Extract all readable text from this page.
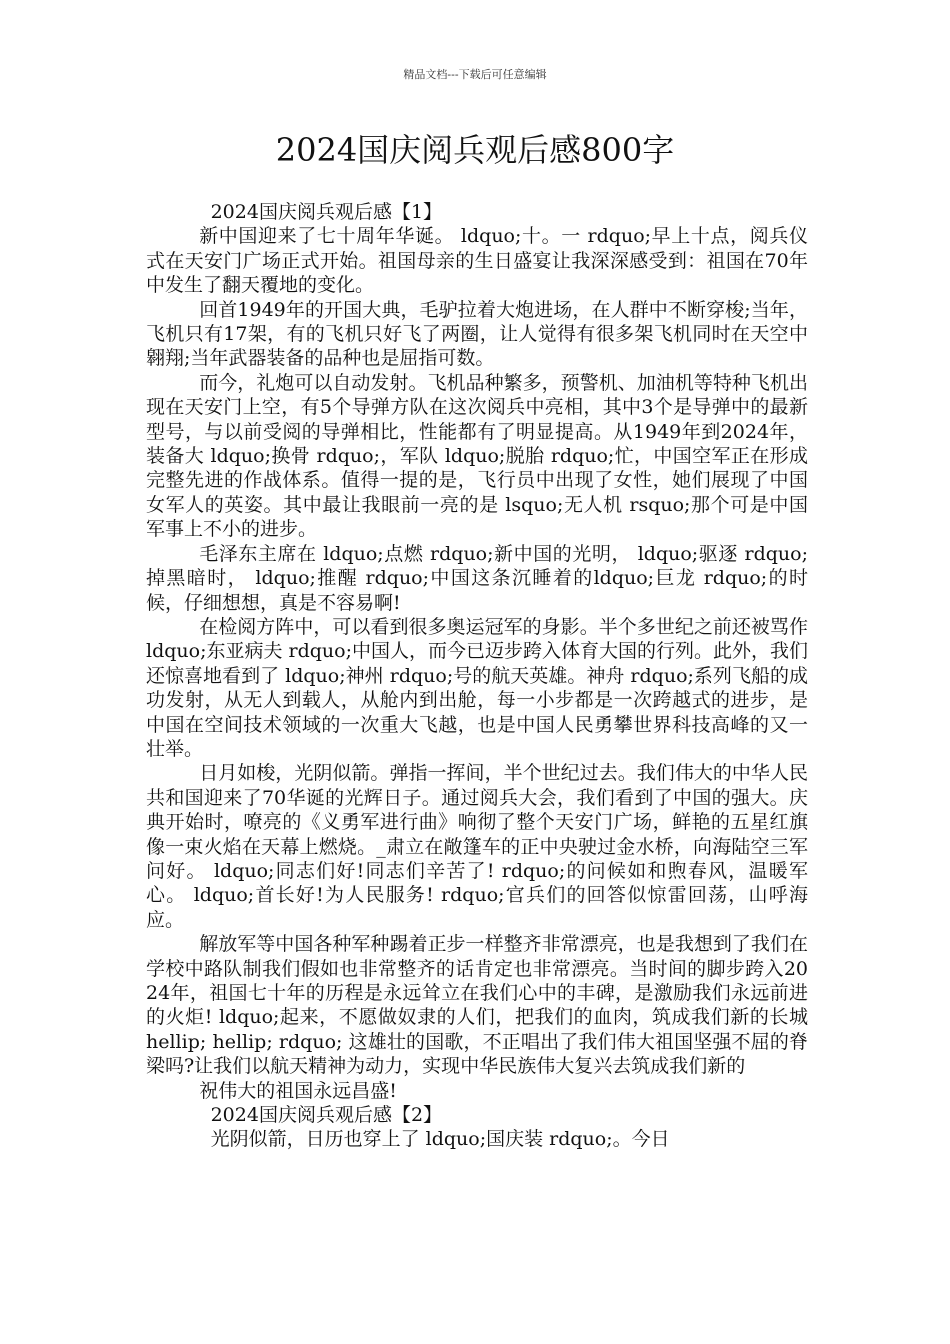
精品文档---下载后可任意编辑
2024国庆阅兵观后感800字

2024国庆阅兵观后感【1】

新中国迎来了七十周年华诞。 ldquo;十。一 rdquo;早上十点，阅兵仪式在天安门广场正式开始。祖国母亲的生日盛宴让我深深感受到：祖国在70年中发生了翻天覆地的变化。

回首1949年的开国大典，毛驴拉着大炮进场，在人群中不断穿梭;当年，飞机只有17架，有的飞机只好飞了两圈，让人觉得有很多架飞机同时在天空中翱翔;当年武器装备的品种也是屈指可数。

而今，礼炮可以自动发射。飞机品种繁多，预警机、加油机等特种飞机出现在天安门上空，有5个导弹方队在这次阅兵中亮相，其中3个是导弹中的最新型号，与以前受阅的导弹相比，性能都有了明显提高。从1949年到2024年，装备大 ldquo;换骨 rdquo;，军队 ldquo;脱胎 rdquo;忙，中国空军正在形成完整先进的作战体系。值得一提的是，飞行员中出现了女性，她们展现了中国女军人的英姿。其中最让我眼前一亮的是 lsquo;无人机 rsquo;那个可是中国军事上不小的进步。

毛泽东主席在 ldquo;点燃 rdquo;新中国的光明， ldquo;驱逐 rdquo;掉黑暗时， ldquo;推醒 rdquo;中国这条沉睡着的ldquo;巨龙 rdquo;的时候，仔细想想，真是不容易啊!

在检阅方阵中，可以看到很多奥运冠军的身影。半个多世纪之前还被骂作 ldquo;东亚病夫 rdquo;中国人，而今已迈步跨入体育大国的行列。此外，我们还惊喜地看到了 ldquo;神州 rdquo;号的航天英雄。神舟 rdquo;系列飞船的成功发射，从无人到载人，从舱内到出舱，每一小步都是一次跨越式的进步，是中国在空间技术领域的一次重大飞越，也是中国人民勇攀世界科技高峰的又一壮举。

日月如梭，光阴似箭。弹指一挥间，半个世纪过去。我们伟大的中华人民共和国迎来了70华诞的光辉日子。通过阅兵大会，我们看到了中国的强大。庆典开始时，嘹亮的《义勇军进行曲》响彻了整个天安门广场，鲜艳的五星红旗像一束火焰在天幕上燃烧。_肃立在敞篷车的正中央驶过金水桥，向海陆空三军问好。 ldquo;同志们好!同志们辛苦了! rdquo;的问候如和煦春风，温暖军心。 ldquo;首长好!为人民服务! rdquo;官兵们的回答似惊雷回荡，山呼海应。

解放军等中国各种军种踢着正步一样整齐非常漂亮，也是我想到了我们在学校中路队制我们假如也非常整齐的话肯定也非常漂亮。当时间的脚步跨入2024年，祖国七十年的历程是永远耸立在我们心中的丰碑，是激励我们永远前进的火炬! ldquo;起来，不愿做奴隶的人们，把我们的血肉，筑成我们新的长城 hellip; hellip; rdquo; 这雄壮的国歌，不正唱出了我们伟大祖国坚强不屈的脊梁吗?让我们以航天精神为动力，实现中华民族伟大复兴去筑成我们新的

祝伟大的祖国永远昌盛!

2024国庆阅兵观后感【2】

光阴似箭，日历也穿上了 ldquo;国庆装 rdquo;。今日
